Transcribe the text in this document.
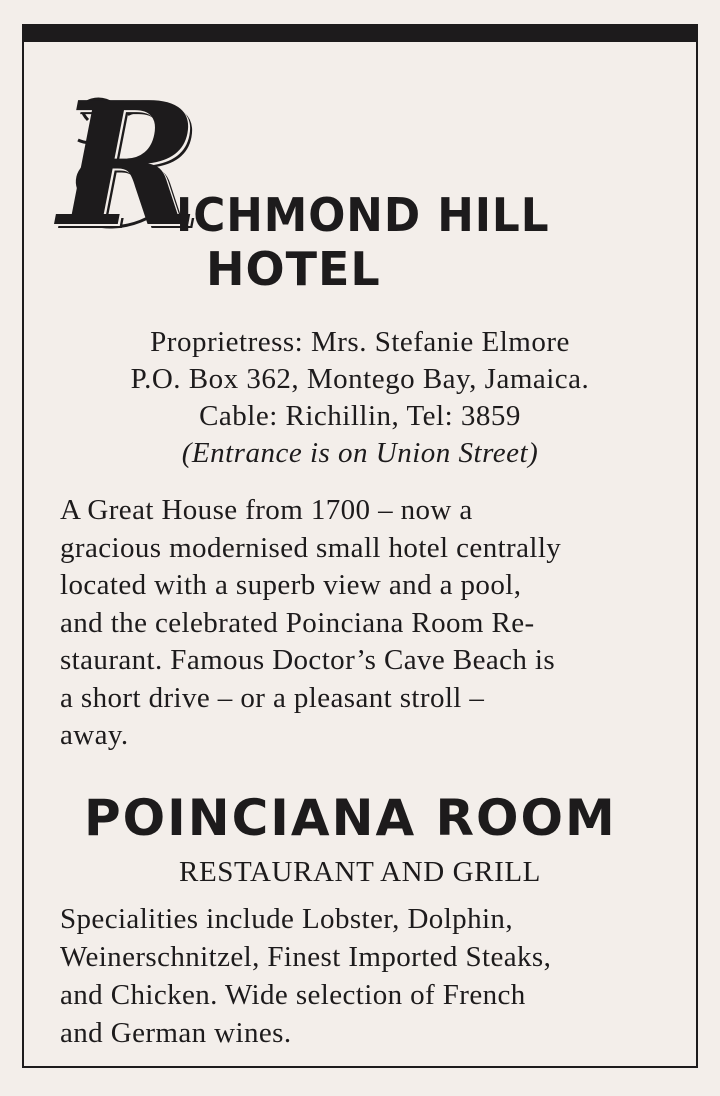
R
ICHMOND HILL
HOTEL
Proprietress: Mrs. Stefanie Elmore
P.O. Box 362, Montego Bay, Jamaica.
Cable: Richillin, Tel: 3859
(Entrance is on Union Street)
A Great House from 1700 – now a
gracious modernised small hotel centrally
located with a superb view and a pool,
and the celebrated Poinciana Room Re-
staurant. Famous Doctor’s Cave Beach is
a short drive – or a pleasant stroll –
away.
POINCIANA ROOM
RESTAURANT AND GRILL
Specialities include Lobster, Dolphin,
Weinerschnitzel, Finest Imported Steaks,
and Chicken. Wide selection of French
and German wines.
